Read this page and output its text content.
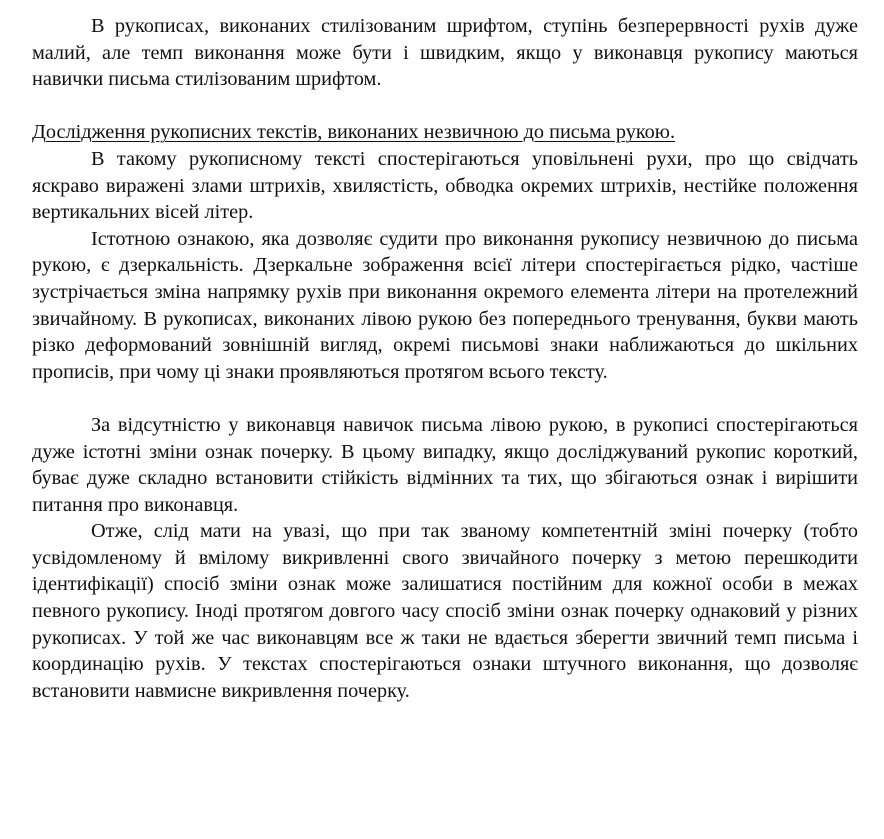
В рукописах, виконаних стилізованим шрифтом, ступінь безперервності рухів дуже малий, але темп виконання може бути і швидким, якщо у виконавця рукопису маються навички письма стилізованим шрифтом.

Дослідження рукописних текстів, виконаних незвичною до письма рукою.

В такому рукописному тексті спостерігаються уповільнені рухи, про що свідчать яскраво виражені злами штрихів, хвилястість, обводка окремих штрихів, нестійке положення вертикальних вісей літер.

Істотною ознакою, яка дозволяє судити про виконання рукопису незвичною до письма рукою, є дзеркальність. Дзеркальне зображення всієї літери спостерігається рідко, частіше зустрічається зміна напрямку рухів при виконання окремого елемента літери на протележний звичайному. В рукописах, виконаних лівою рукою без попереднього тренування, букви мають різко деформований зовнішній вигляд, окремі письмові знаки наближаються до шкільних прописів, при чому ці знаки проявляються протягом всього тексту.

За відсутністю у виконавця навичок письма лівою рукою, в рукописі спостерігаються дуже істотні зміни ознак почерку. В цьому випадку, якщо досліджуваний рукопис короткий, буває дуже складно встановити стійкість відмінних та тих, що збігаються ознак і вирішити питання про виконавця.

Отже, слід мати на увазі, що при так званому компетентній зміні почерку (тобто усвідомленому й вмілому викривленні свого звичайного почерку з метою перешкодити ідентифікації) спосіб зміни ознак може залишатися постійним для кожної особи в межах певного рукопису. Іноді протягом довгого часу спосіб зміни ознак почерку однаковий у різних рукописах. У той же час виконавцям все ж таки не вдається зберегти звичний темп письма і координацію рухів. У текстах спостерігаються ознаки штучного виконання, що дозволяє встановити навмисне викривлення почерку.
